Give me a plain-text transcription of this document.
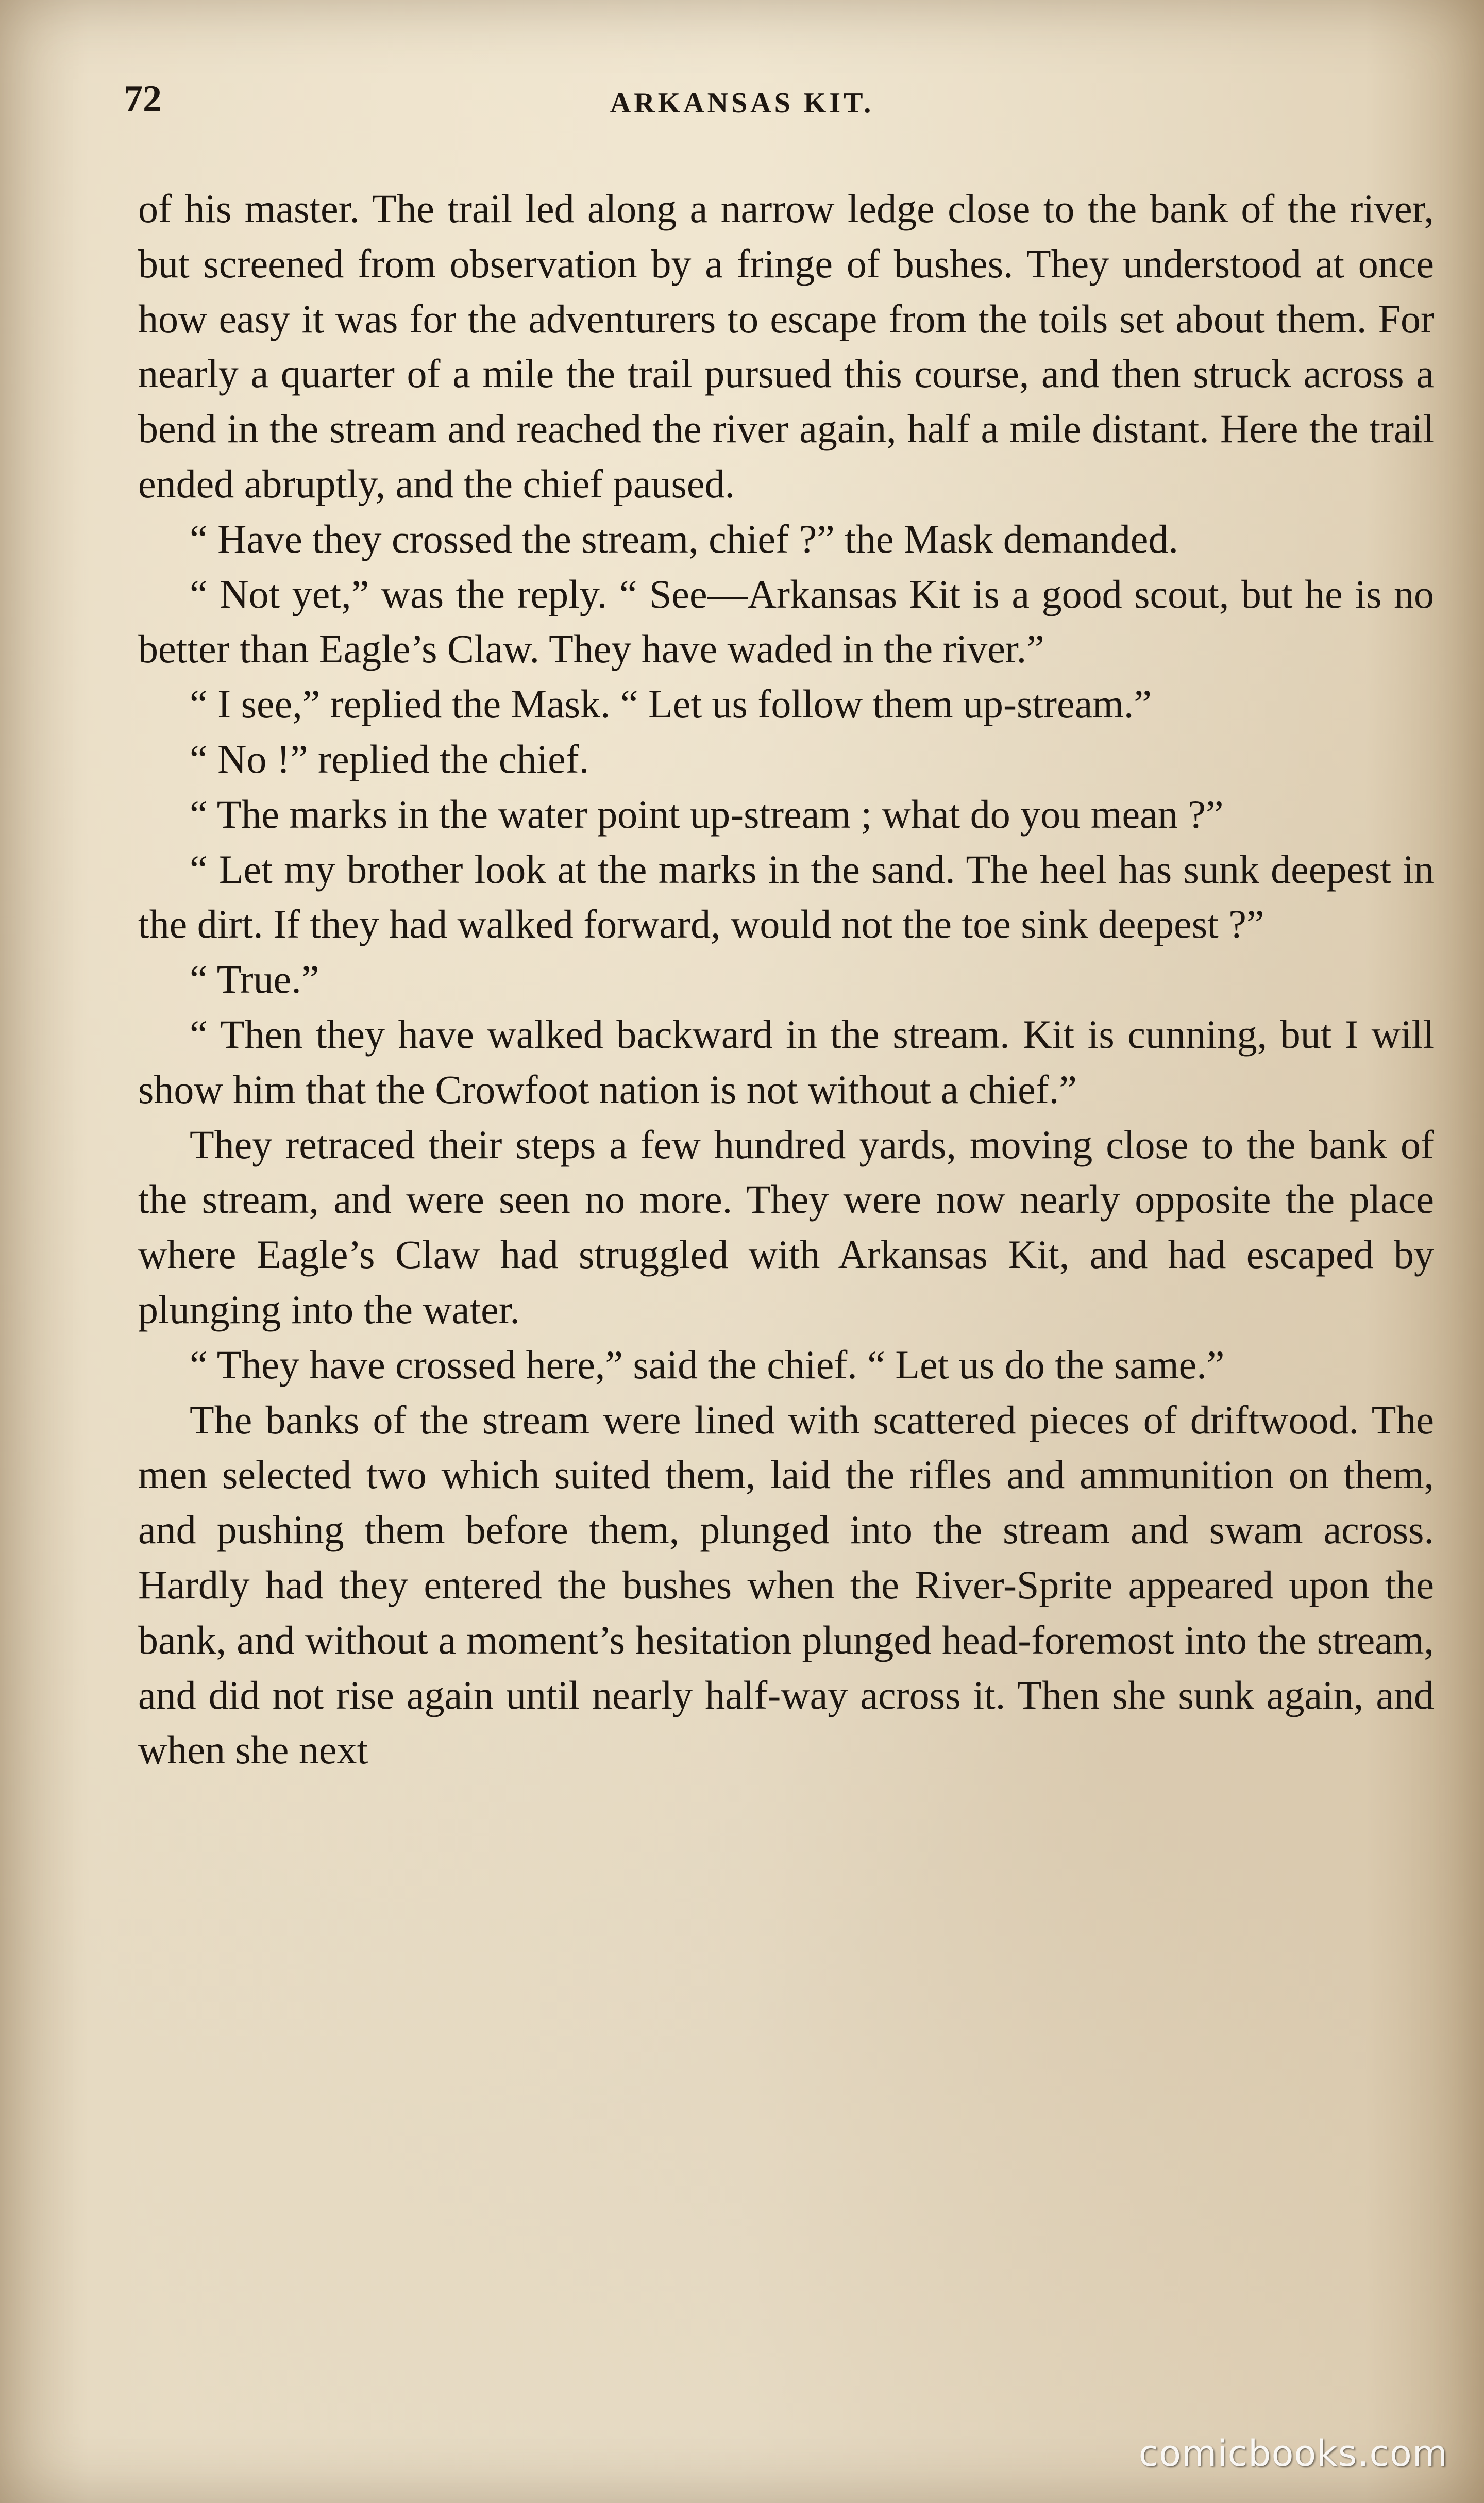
72	ARKANSAS KIT.

of his master. The trail led along a narrow ledge close to the bank of the river, but screened from observation by a fringe of bushes. They understood at once how easy it was for the adventurers to escape from the toils set about them. For nearly a quarter of a mile the trail pursued this course, and then struck across a bend in the stream and reached the river again, half a mile distant. Here the trail ended abruptly, and the chief paused.

“ Have they crossed the stream, chief ?” the Mask demanded.

“ Not yet,” was the reply. “ See—Arkansas Kit is a good scout, but he is no better than Eagle’s Claw. They have waded in the river.”

“ I see,” replied the Mask. “ Let us follow them up-stream.”

“ No !” replied the chief.

“ The marks in the water point up-stream ; what do you mean ?”

“ Let my brother look at the marks in the sand. The heel has sunk deepest in the dirt. If they had walked forward, would not the toe sink deepest ?”

“ True.”

“ Then they have walked backward in the stream. Kit is cunning, but I will show him that the Crowfoot nation is not without a chief.”

They retraced their steps a few hundred yards, moving close to the bank of the stream, and were seen no more. They were now nearly opposite the place where Eagle’s Claw had struggled with Arkansas Kit, and had escaped by plunging into the water.

“ They have crossed here,” said the chief. “ Let us do the same.”

The banks of the stream were lined with scattered pieces of driftwood. The men selected two which suited them, laid the rifles and ammunition on them, and pushing them before them, plunged into the stream and swam across. Hardly had they entered the bushes when the River-Sprite appeared upon the bank, and without a moment’s hesitation plunged head-foremost into the stream, and did not rise again until nearly half-way across it. Then she sunk again, and when she next

comicbooks.com
